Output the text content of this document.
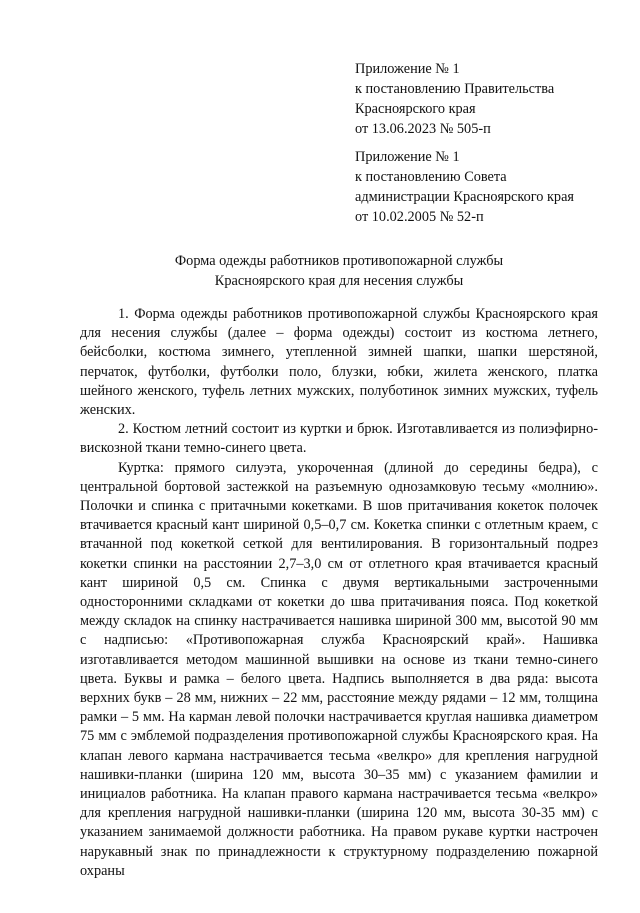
Приложение № 1
к постановлению Правительства
Красноярского края
от 13.06.2023 № 505-п
Приложение № 1
к постановлению Совета
администрации Красноярского края
от 10.02.2005 № 52-п
Форма одежды работников противопожарной службы
Красноярского края для несения службы

1. Форма одежды работников противопожарной службы Красноярского края для несения службы (далее – форма одежды) состоит из костюма летнего, бейсболки, костюма зимнего, утепленной зимней шапки, шапки шерстяной, перчаток, футболки, футболки поло, блузки, юбки, жилета женского, платка шейного женского, туфель летних мужских, полуботинок зимних мужских, туфель женских.

2. Костюм летний состоит из куртки и брюк. Изготавливается из полиэфирно-вискозной ткани темно-синего цвета.

Куртка: прямого силуэта, укороченная (длиной до середины бедра), с центральной бортовой застежкой на разъемную однозамковую тесьму «молнию». Полочки и спинка с притачными кокетками. В шов притачивания кокеток полочек втачивается красный кант шириной 0,5–0,7 см. Кокетка спинки с отлетным краем, с втачанной под кокеткой сеткой для вентилирования. В горизонтальный подрез кокетки спинки на расстоянии 2,7–3,0 см от отлетного края втачивается красный кант шириной 0,5 см. Спинка с двумя вертикальными застроченными односторонними складками от кокетки до шва притачивания пояса. Под кокеткой между складок на спинку настрачивается нашивка шириной 300 мм, высотой 90 мм с надписью: «Противопожарная служба Красноярский край». Нашивка изготавливается методом машинной вышивки на основе из ткани темно-синего цвета. Буквы и рамка – белого цвета. Надпись выполняется в два ряда: высота верхних букв – 28 мм, нижних – 22 мм, расстояние между рядами – 12 мм, толщина рамки – 5 мм. На карман левой полочки настрачивается круглая нашивка диаметром 75 мм с эмблемой подразделения противопожарной службы Красноярского края. На клапан левого кармана настрачивается тесьма «велкро» для крепления нагрудной нашивки-планки (ширина 120 мм, высота 30–35 мм) с указанием фамилии и инициалов работника. На клапан правого кармана настрачивается тесьма «велкро» для крепления нагрудной нашивки-планки (ширина 120 мм, высота 30-35 мм) с указанием занимаемой должности работника. На правом рукаве куртки настрочен нарукавный знак по принадлежности к структурному подразделению пожарной охраны
